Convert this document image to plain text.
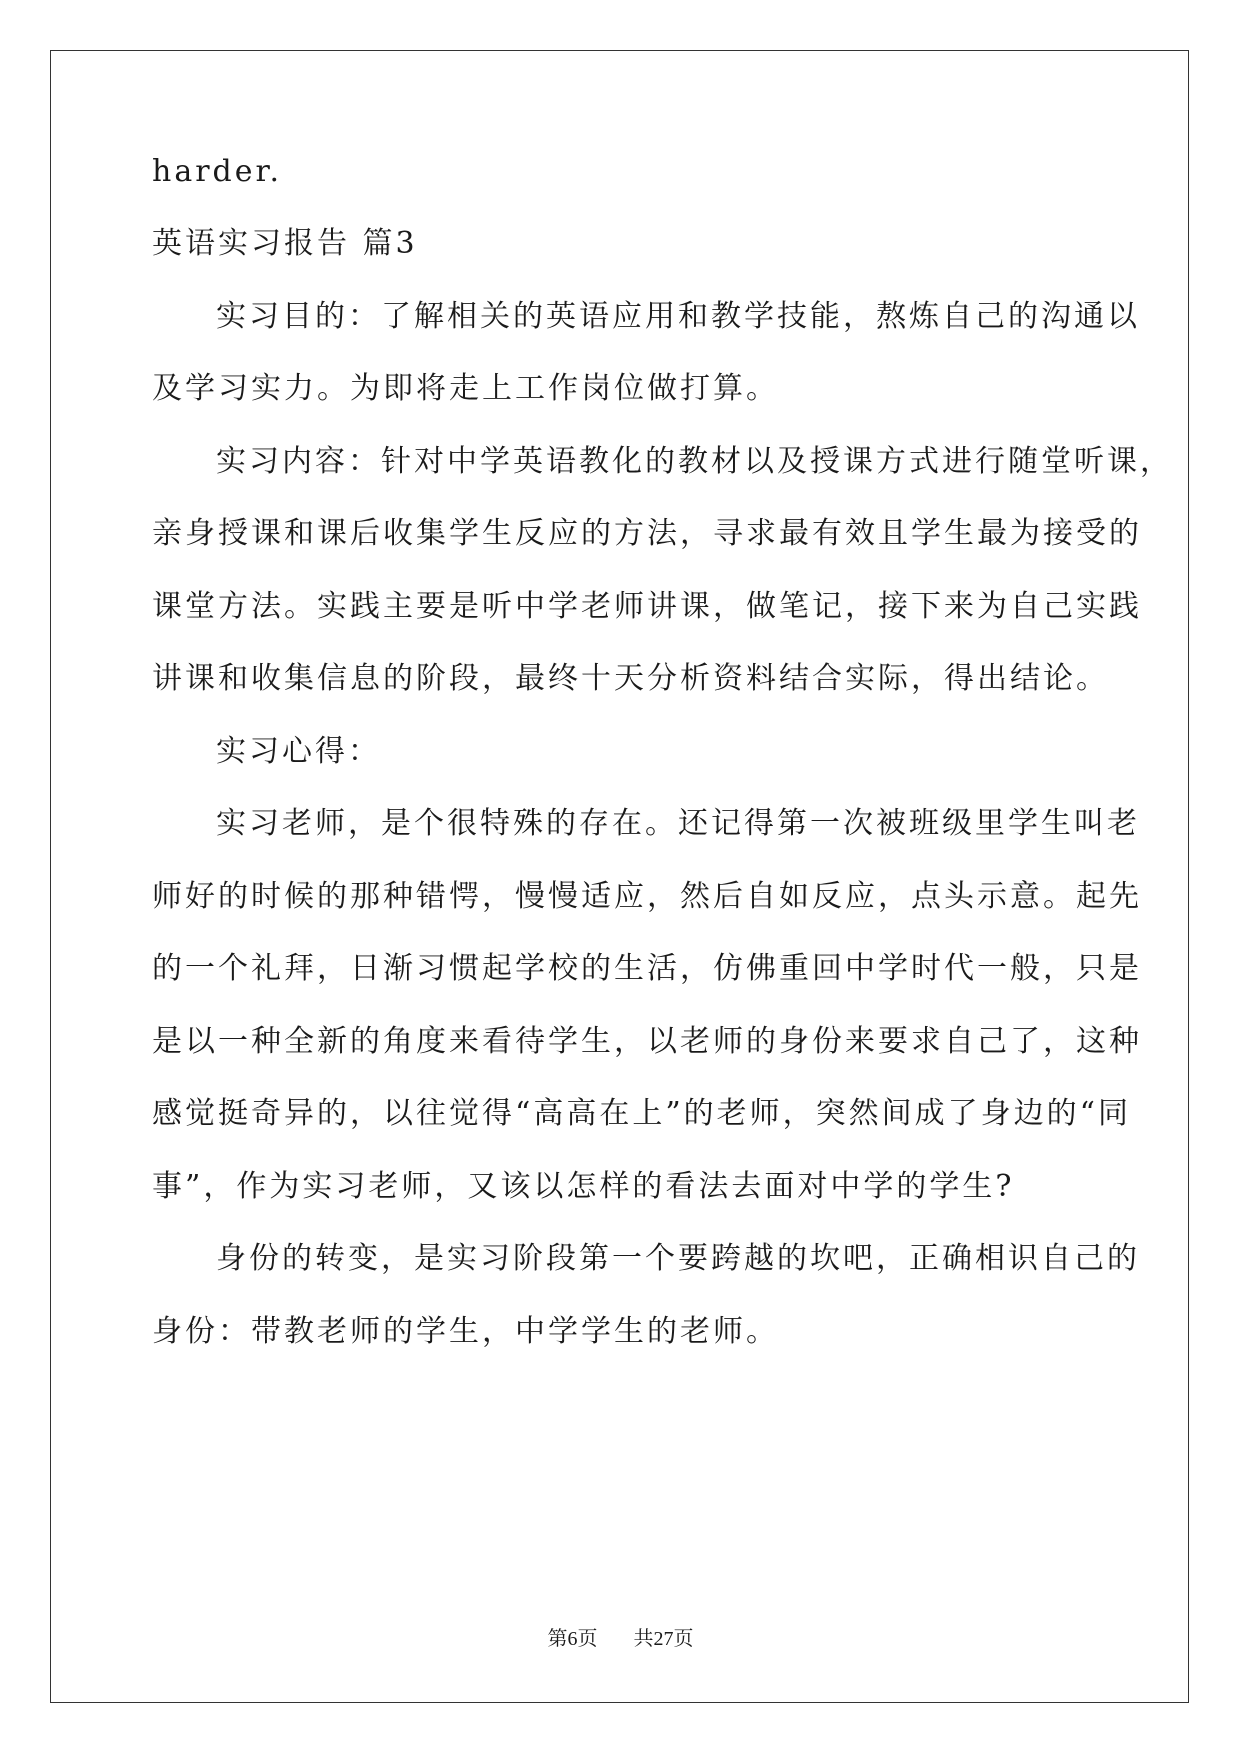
harder.
英语实习报告 篇3
实习目的：了解相关的英语应用和教学技能，熬炼自己的沟通以
及学习实力。为即将走上工作岗位做打算。
实习内容：针对中学英语教化的教材以及授课方式进行随堂听课，
亲身授课和课后收集学生反应的方法，寻求最有效且学生最为接受的
课堂方法。实践主要是听中学老师讲课，做笔记，接下来为自己实践
讲课和收集信息的阶段，最终十天分析资料结合实际，得出结论。
实习心得：
实习老师，是个很特殊的存在。还记得第一次被班级里学生叫老
师好的时候的那种错愕，慢慢适应，然后自如反应，点头示意。起先
的一个礼拜，日渐习惯起学校的生活，仿佛重回中学时代一般，只是
是以一种全新的角度来看待学生，以老师的身份来要求自己了，这种
感觉挺奇异的，以往觉得“高高在上”的老师，突然间成了身边的“同
事”，作为实习老师，又该以怎样的看法去面对中学的学生?
身份的转变，是实习阶段第一个要跨越的坎吧，正确相识自己的
身份：带教老师的学生，中学学生的老师。
第6页 共27页
